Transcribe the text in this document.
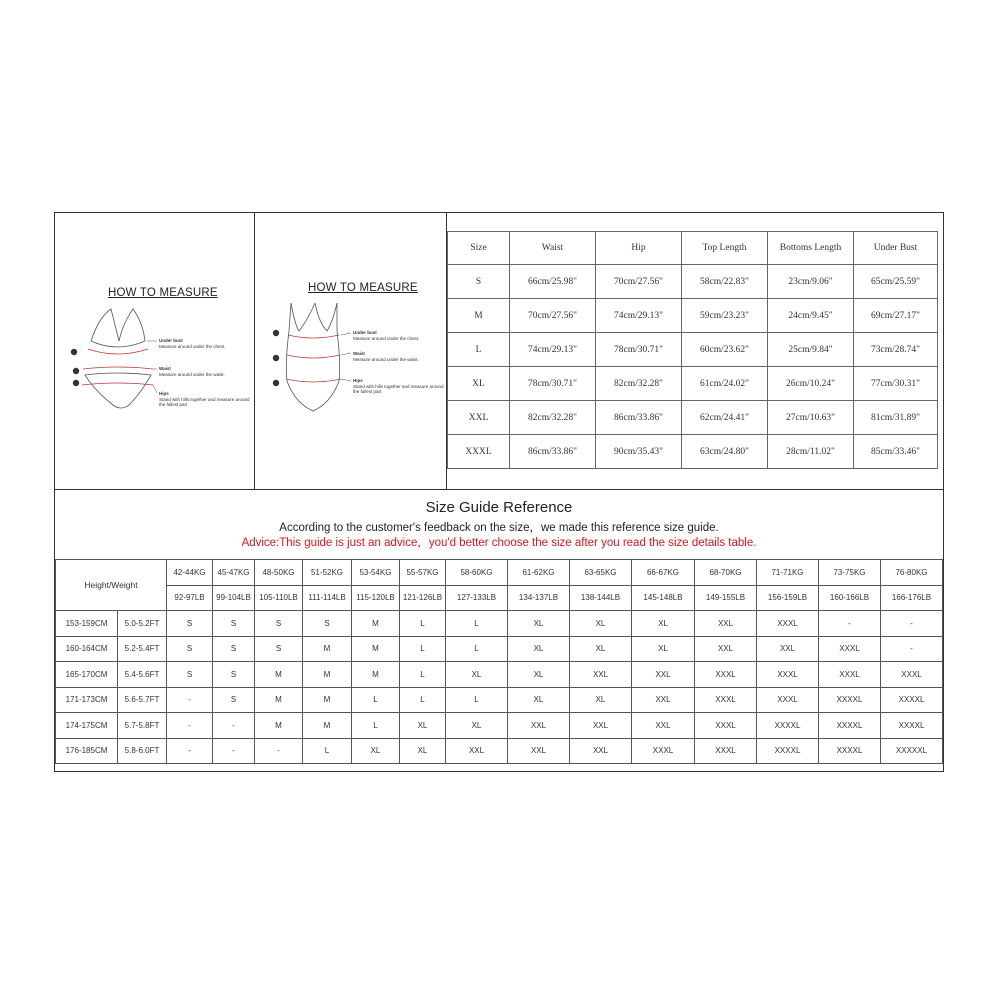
HOW TO MEASURE
Under bust
Measure around under the chest.
Waist
Measure around under the waist.
Hips
Stand with hills together and measure around the fullest part
HOW TO MEASURE
Under bust
Measure around under the chest.
Waist
Measure around under the waist.
Hips
Stand with hills together and measure around the fullest part
Size	Waist	Hip	Top Length	Bottoms Length	Under Bust
S	66cm/25.98"	70cm/27.56"	58cm/22.83"	23cm/9.06"	65cm/25.59"
M	70cm/27.56"	74cm/29.13"	59cm/23.23"	24cm/9.45"	69cm/27.17"
L	74cm/29.13"	78cm/30.71"	60cm/23.62"	25cm/9.84"	73cm/28.74"
XL	78cm/30.71"	82cm/32.28"	61cm/24.02"	26cm/10.24"	77cm/30.31"
XXL	82cm/32.28"	86cm/33.86"	62cm/24.41"	27cm/10.63"	81cm/31.89"
XXXL	86cm/33.86"	90cm/35.43"	63cm/24.80"	28cm/11.02"	85cm/33.46"
Size Guide Reference
According to the customer's feedback on the size，we made this reference size guide.
Advice:This guide is just an advice，you'd better choose the size after you read the size details table.
Height/Weight		42-44KG	45-47KG	48-50KG	51-52KG	53-54KG	55-57KG	58-60KG	61-62KG	63-65KG	66-67KG	68-70KG	71-71KG	73-75KG	76-80KG
		92-97LB	99-104LB	105-110LB	111-114LB	115-120LB	121-126LB	127-133LB	134-137LB	138-144LB	145-148LB	149-155LB	156-159LB	160-166LB	166-176LB
153-159CM	5.0-5.2FT	S	S	S	S	M	L	L	XL	XL	XL	XXL	XXXL	-	-
160-164CM	5.2-5.4FT	S	S	S	M	M	L	L	XL	XL	XL	XXL	XXL	XXXL	-
165-170CM	5.4-5.6FT	S	S	M	M	M	L	XL	XL	XXL	XXL	XXXL	XXXL	XXXL	XXXL
171-173CM	5.6-5.7FT	-	S	M	M	L	L	L	XL	XL	XXL	XXXL	XXXL	XXXXL	XXXXL
174-175CM	5.7-5.8FT	-	-	M	M	L	XL	XL	XXL	XXL	XXL	XXXL	XXXXL	XXXXL	XXXXL
176-185CM	5.8-6.0FT	-	-	-	L	XL	XL	XXL	XXL	XXL	XXXL	XXXL	XXXXL	XXXXL	XXXXXL
